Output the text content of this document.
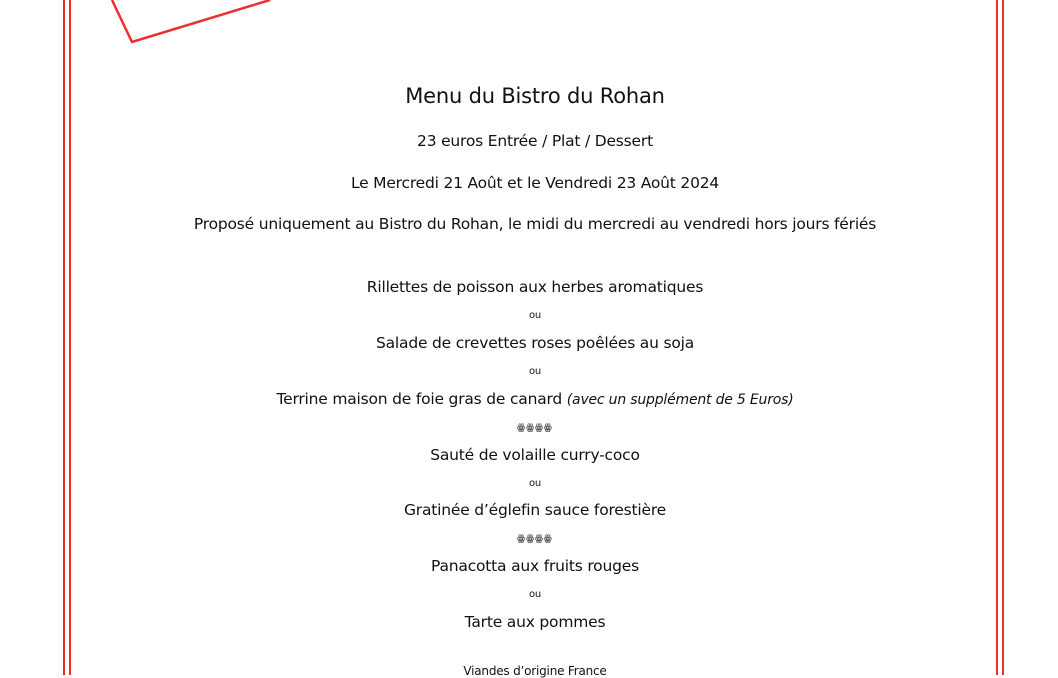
Menu du Bistro du Rohan
23 euros Entrée / Plat / Dessert
Le Mercredi 21 Août et le Vendredi 23 Août 2024
Proposé uniquement au Bistro du Rohan, le midi du mercredi au vendredi hors jours fériés
Rillettes de poisson aux herbes aromatiques
ou
Salade de crevettes roses poêlées au soja
ou
Terrine maison de foie gras de canard (avec un supplément de 5 Euros)
ꙮꙮꙮꙮ
Sauté de volaille curry-coco
ou
Gratinée d’églefin sauce forestière
ꙮꙮꙮꙮ
Panacotta aux fruits rouges
ou
Tarte aux pommes
Viandes d’origine France
